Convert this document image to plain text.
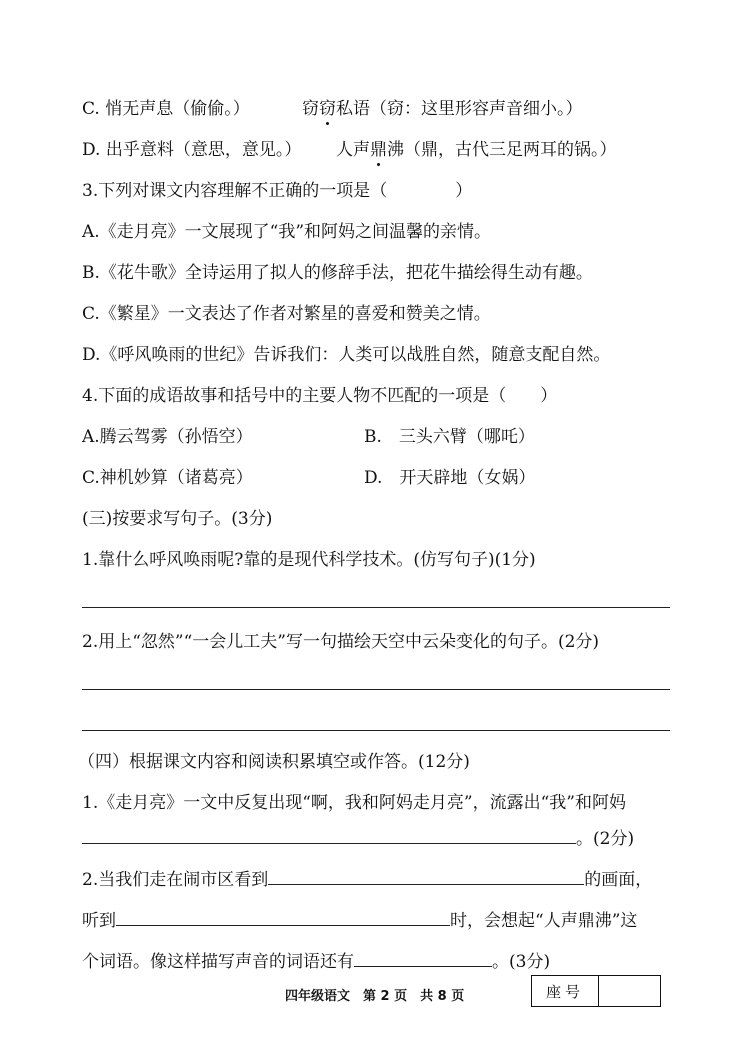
C. 悄无声息（偷偷。）	窃窃私语（窃：这里形容声音细小。）
D. 出乎意料（意思，意见。） 人声鼎沸（鼎，古代三足两耳的锅。）
3.下列对课文内容理解不正确的一项是（　　　　）
A.《走月亮》一文展现了“我”和阿妈之间温馨的亲情。
B.《花牛歌》全诗运用了拟人的修辞手法，把花牛描绘得生动有趣。
C.《繁星》一文表达了作者对繁星的喜爱和赞美之情。
D.《呼风唤雨的世纪》告诉我们：人类可以战胜自然，随意支配自然。
4.下面的成语故事和括号中的主要人物不匹配的一项是（　　）
A.腾云驾雾（孙悟空）	B.　三头六臂（哪吒）
C.神机妙算（诸葛亮）	D.　开天辟地（女娲）
(三)按要求写句子。(3分)
1.靠什么呼风唤雨呢?靠的是现代科学技术。(仿写句子)(1分)
2.用上“忽然”“一会儿工夫”写一句描绘天空中云朵变化的句子。(2分)
（四）根据课文内容和阅读积累填空或作答。(12分)
1.《走月亮》一文中反复出现“啊，我和阿妈走月亮”，流露出“我”和阿妈
。(2分)
2.当我们走在闹市区看到	的画面，
听到	时，会想起“人声鼎沸”这
个词语。像这样描写声音的词语还有	。(3分)
四年级语文　第 2 页　共 8 页	座号
